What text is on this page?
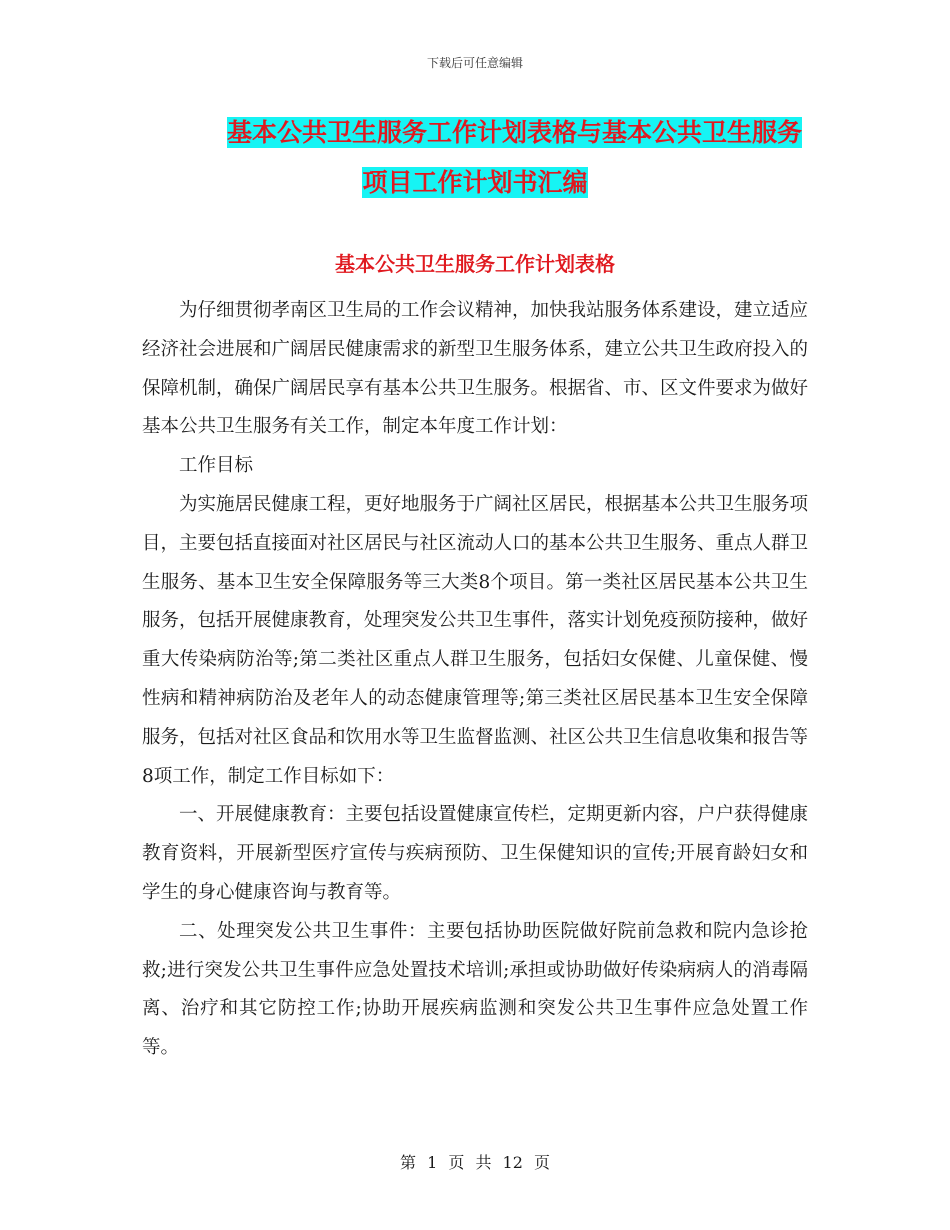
下载后可任意编辑
基本公共卫生服务工作计划表格与基本公共卫生服务
项目工作计划书汇编
基本公共卫生服务工作计划表格

为仔细贯彻孝南区卫生局的工作会议精神，加快我站服务体系建设，建立适应经济社会进展和广阔居民健康需求的新型卫生服务体系，建立公共卫生政府投入的保障机制，确保广阔居民享有基本公共卫生服务。根据省、市、区文件要求为做好基本公共卫生服务有关工作，制定本年度工作计划：

工作目标

为实施居民健康工程，更好地服务于广阔社区居民，根据基本公共卫生服务项目，主要包括直接面对社区居民与社区流动人口的基本公共卫生服务、重点人群卫生服务、基本卫生安全保障服务等三大类8个项目。第一类社区居民基本公共卫生服务，包括开展健康教育，处理突发公共卫生事件，落实计划免疫预防接种，做好重大传染病防治等;第二类社区重点人群卫生服务，包括妇女保健、儿童保健、慢性病和精神病防治及老年人的动态健康管理等;第三类社区居民基本卫生安全保障服务，包括对社区食品和饮用水等卫生监督监测、社区公共卫生信息收集和报告等8项工作，制定工作目标如下：

一、开展健康教育：主要包括设置健康宣传栏，定期更新内容，户户获得健康教育资料，开展新型医疗宣传与疾病预防、卫生保健知识的宣传;开展育龄妇女和学生的身心健康咨询与教育等。

二、处理突发公共卫生事件：主要包括协助医院做好院前急救和院内急诊抢救;进行突发公共卫生事件应急处置技术培训;承担或协助做好传染病病人的消毒隔离、治疗和其它防控工作;协助开展疾病监测和突发公共卫生事件应急处置工作等。

第 1 页 共 12 页
